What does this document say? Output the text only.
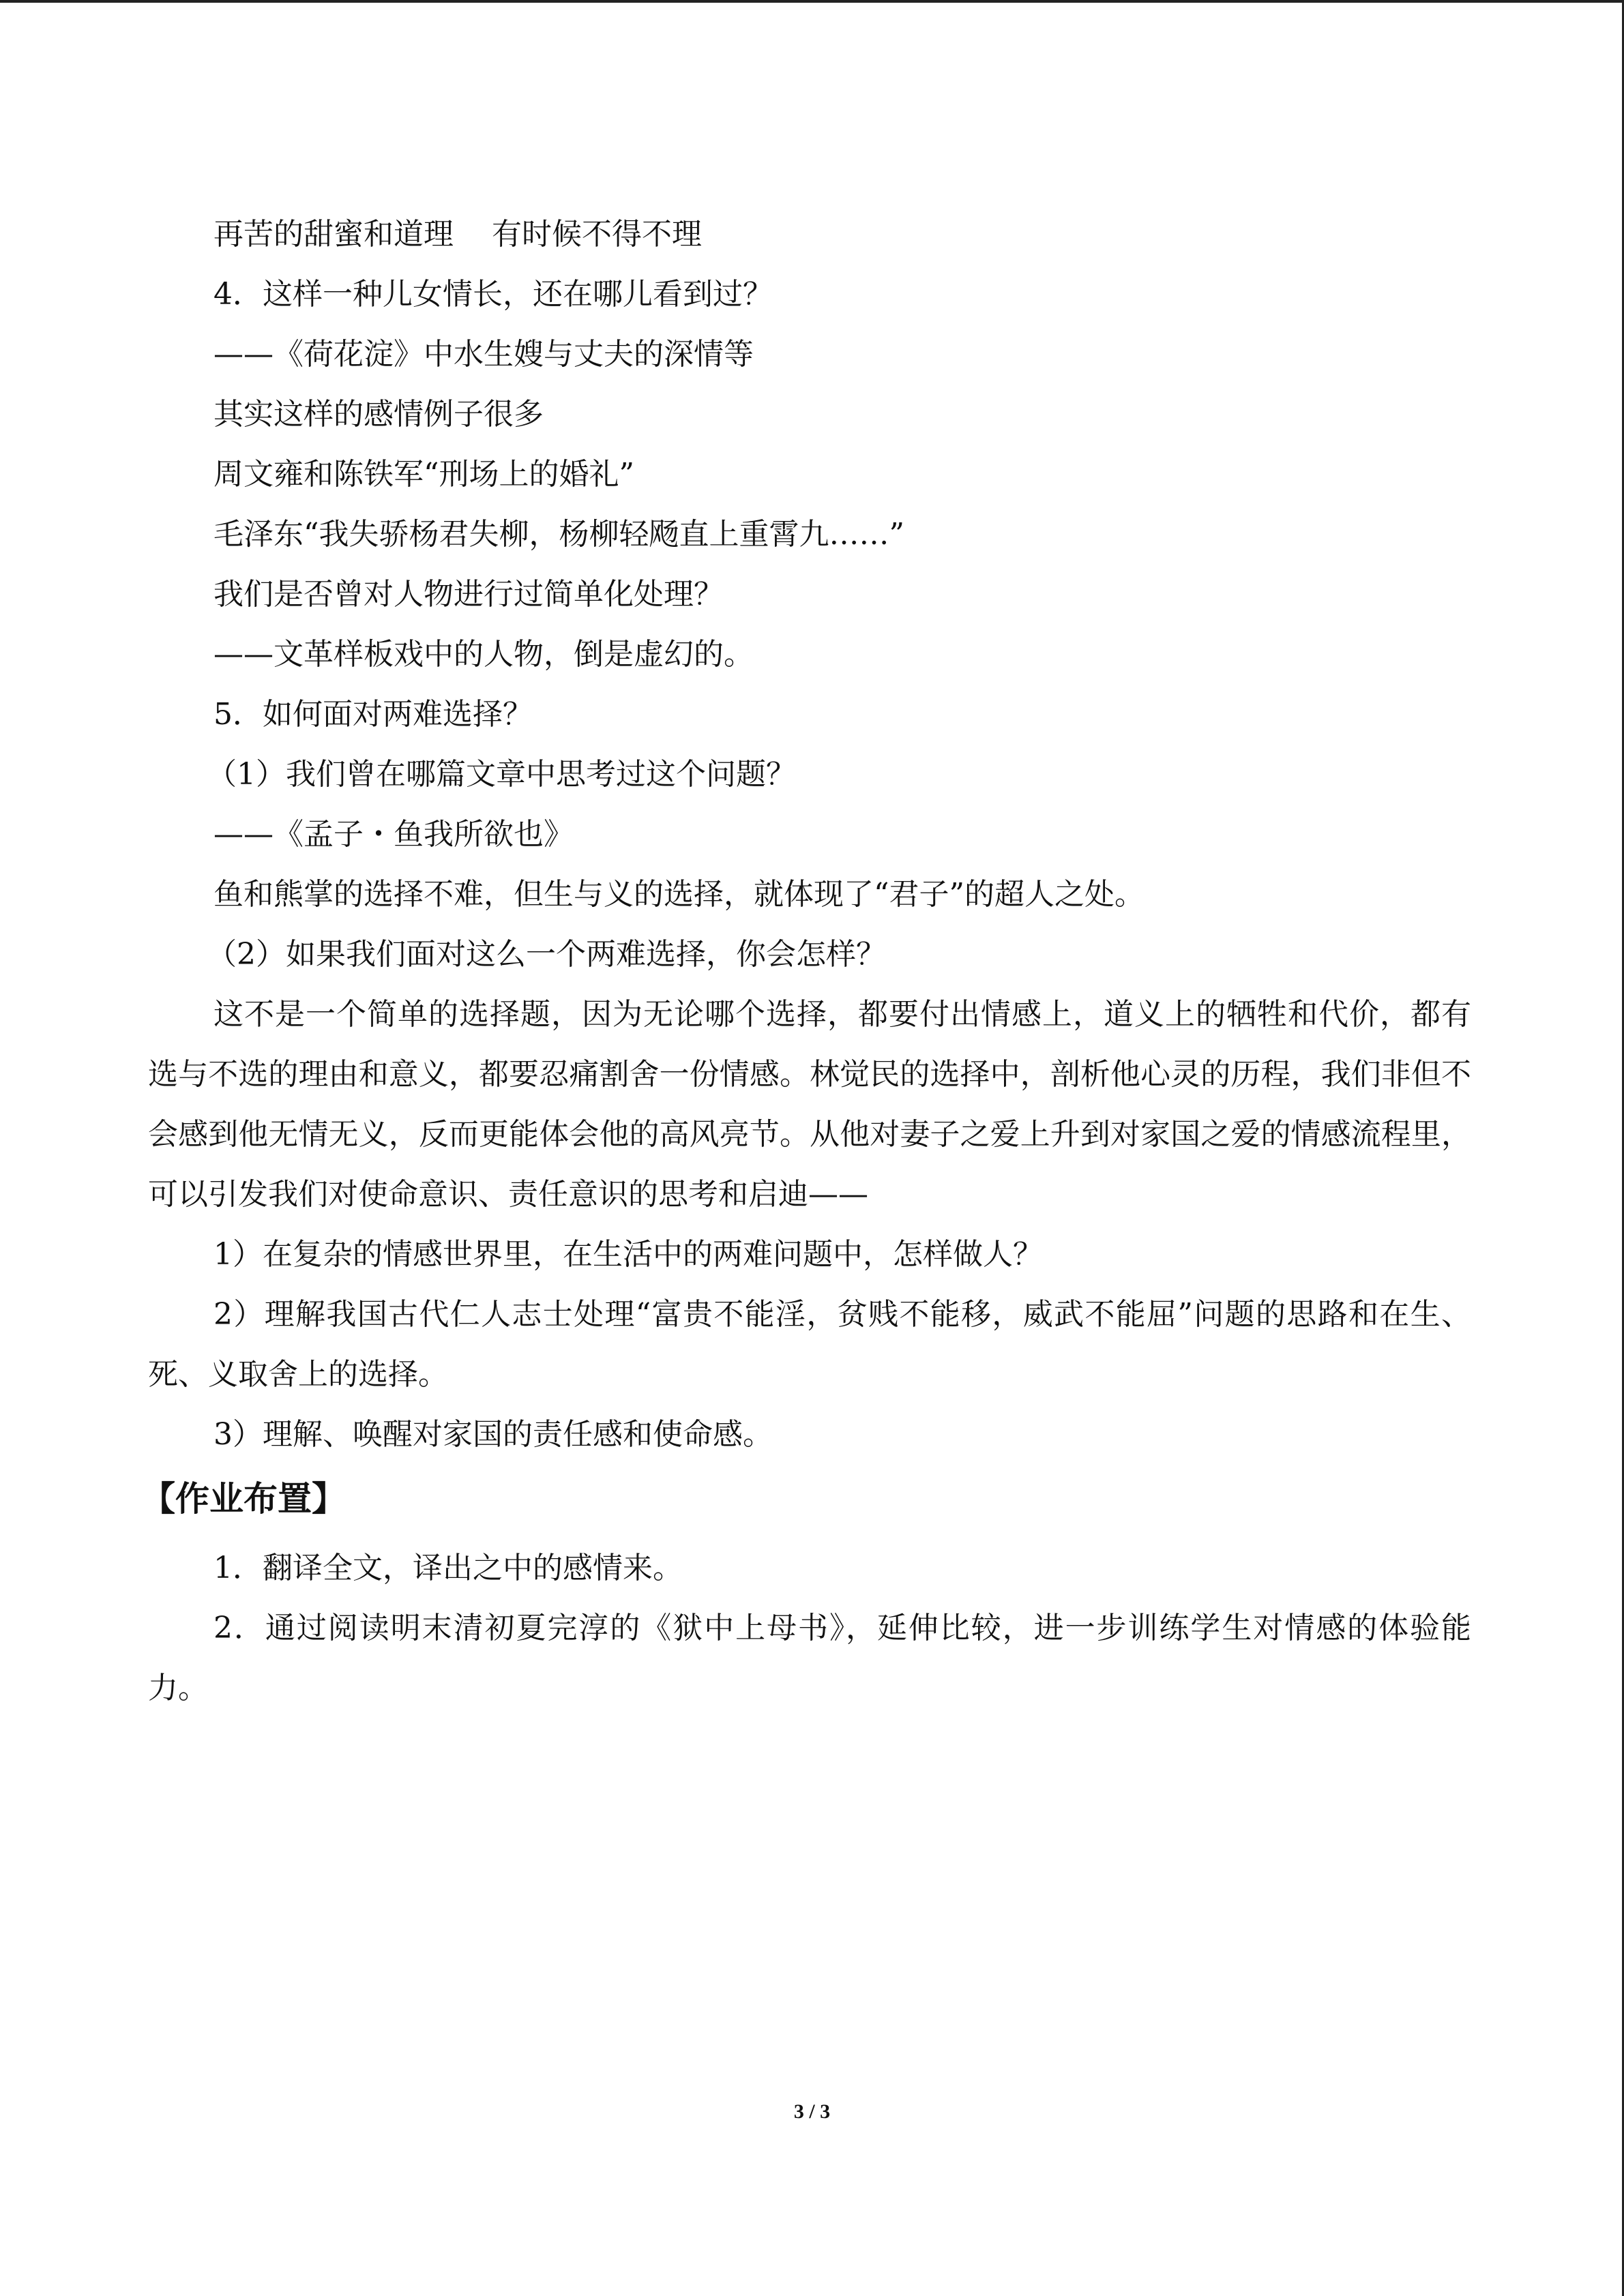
再苦的甜蜜和道理    有时候不得不理

4．这样一种儿女情长，还在哪儿看到过？

——《荷花淀》中水生嫂与丈夫的深情等

其实这样的感情例子很多

周文雍和陈铁军“刑场上的婚礼”

毛泽东“我失骄杨君失柳，杨柳轻飏直上重霄九……”

我们是否曾对人物进行过简单化处理？

——文革样板戏中的人物，倒是虚幻的。

5．如何面对两难选择？

（1）我们曾在哪篇文章中思考过这个问题？

——《孟子・鱼我所欲也》

鱼和熊掌的选择不难，但生与义的选择，就体现了“君子”的超人之处。

（2）如果我们面对这么一个两难选择，你会怎样？

这不是一个简单的选择题，因为无论哪个选择，都要付出情感上，道义上的牺牲和代价，都有选与不选的理由和意义，都要忍痛割舍一份情感。林觉民的选择中，剖析他心灵的历程，我们非但不会感到他无情无义，反而更能体会他的高风亮节。从他对妻子之爱上升到对家国之爱的情感流程里，可以引发我们对使命意识、责任意识的思考和启迪——

1）在复杂的情感世界里，在生活中的两难问题中，怎样做人？

2）理解我国古代仁人志士处理“富贵不能淫，贫贱不能移，威武不能屈”问题的思路和在生、死、义取舍上的选择。

3）理解、唤醒对家国的责任感和使命感。

【作业布置】

1．翻译全文，译出之中的感情来。

2．通过阅读明末清初夏完淳的《狱中上母书》，延伸比较，进一步训练学生对情感的体验能力。

3 / 3
